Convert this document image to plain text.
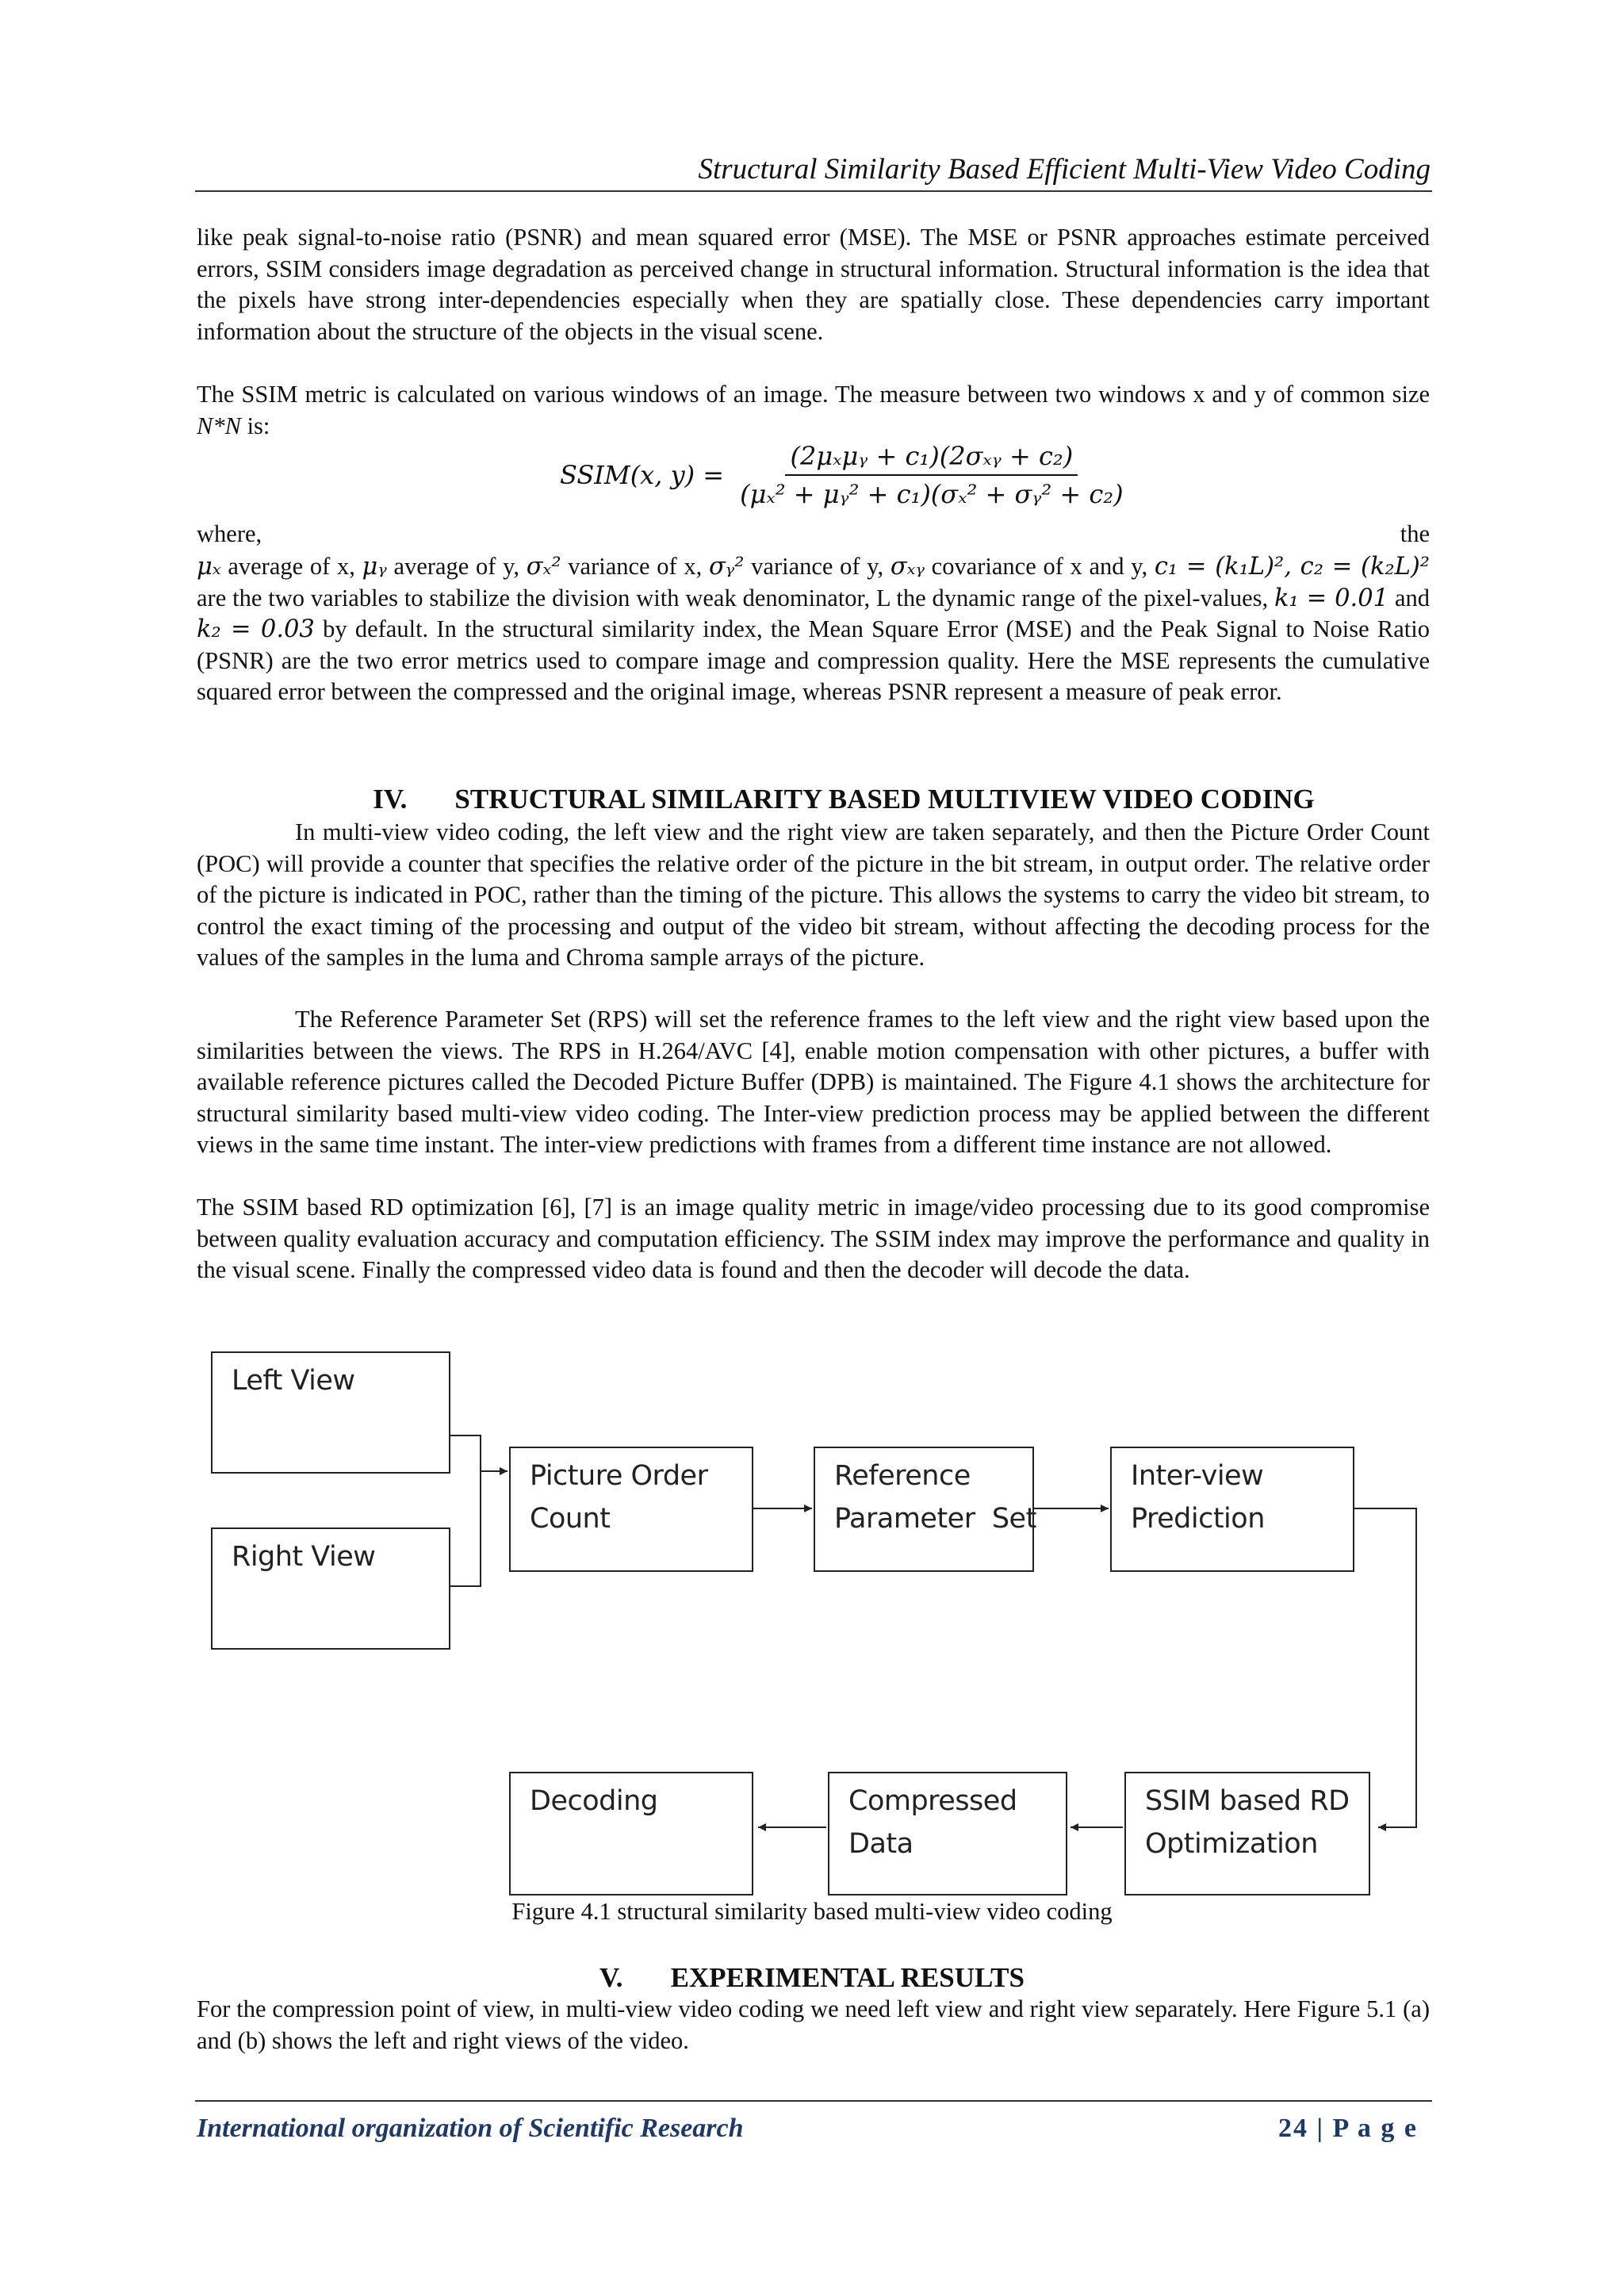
Structural Similarity Based Efficient Multi-View Video Coding
like peak signal-to-noise ratio (PSNR) and mean squared error (MSE). The MSE or PSNR approaches estimate perceived errors, SSIM considers image degradation as perceived change in structural information. Structural information is the idea that the pixels have strong inter-dependencies especially when they are spatially close. These dependencies carry important information about the structure of the objects in the visual scene.
The SSIM metric is calculated on various windows of an image. The measure between two windows x and y of common size N*N is:
SSIM(x, $y) = \frac{\text{(2μₓμᵧ + c₁)(2σₓᵧ + c₂)}}{\text{(μₓ² + μᵧ² + c₁)(σₓ² + σᵧ² + c₂)}}$
where,	the
μₓ average of x, μᵧ average of y, σₓ² variance of x, σᵧ² variance of y, σₓᵧ covariance of x and y, c₁ = (k₁L)², c₂ = (k₂L)² are the two variables to stabilize the division with weak denominator, L the dynamic range of the pixel-values, k₁ = 0.01 and k₂ = 0.03 by default. In the structural similarity index, the Mean Square Error (MSE) and the Peak Signal to Noise Ratio (PSNR) are the two error metrics used to compare image and compression quality. Here the MSE represents the cumulative squared error between the compressed and the original image, whereas PSNR represent a measure of peak error.
IV. STRUCTURAL SIMILARITY BASED MULTIVIEW VIDEO CODING
In multi-view video coding, the left view and the right view are taken separately, and then the Picture Order Count (POC) will provide a counter that specifies the relative order of the picture in the bit stream, in output order. The relative order of the picture is indicated in POC, rather than the timing of the picture. This allows the systems to carry the video bit stream, to control the exact timing of the processing and output of the video bit stream, without affecting the decoding process for the values of the samples in the luma and Chroma sample arrays of the picture.
The Reference Parameter Set (RPS) will set the reference frames to the left view and the right view based upon the similarities between the views. The RPS in H.264/AVC [4], enable motion compensation with other pictures, a buffer with available reference pictures called the Decoded Picture Buffer (DPB) is maintained. The Figure 4.1 shows the architecture for structural similarity based multi-view video coding. The Inter-view prediction process may be applied between the different views in the same time instant. The inter-view predictions with frames from a different time instance are not allowed.
The SSIM based RD optimization [6], [7] is an image quality metric in image/video processing due to its good compromise between quality evaluation accuracy and computation efficiency. The SSIM index may improve the performance and quality in the visual scene. Finally the compressed video data is found and then the decoder will decode the data.
Left View
Right View
Picture Order
Count
Reference
Parameter  Set
Inter-view
Prediction
SSIM based RD
Optimization
Compressed Data
Decoding
Figure 4.1 structural similarity based multi-view video coding
V. EXPERIMENTAL RESULTS
For the compression point of view, in multi-view video coding we need left view and right view separately. Here Figure 5.1 (a) and (b) shows the left and right views of the video.
International organization of Scientific Research	24 | P a g e
